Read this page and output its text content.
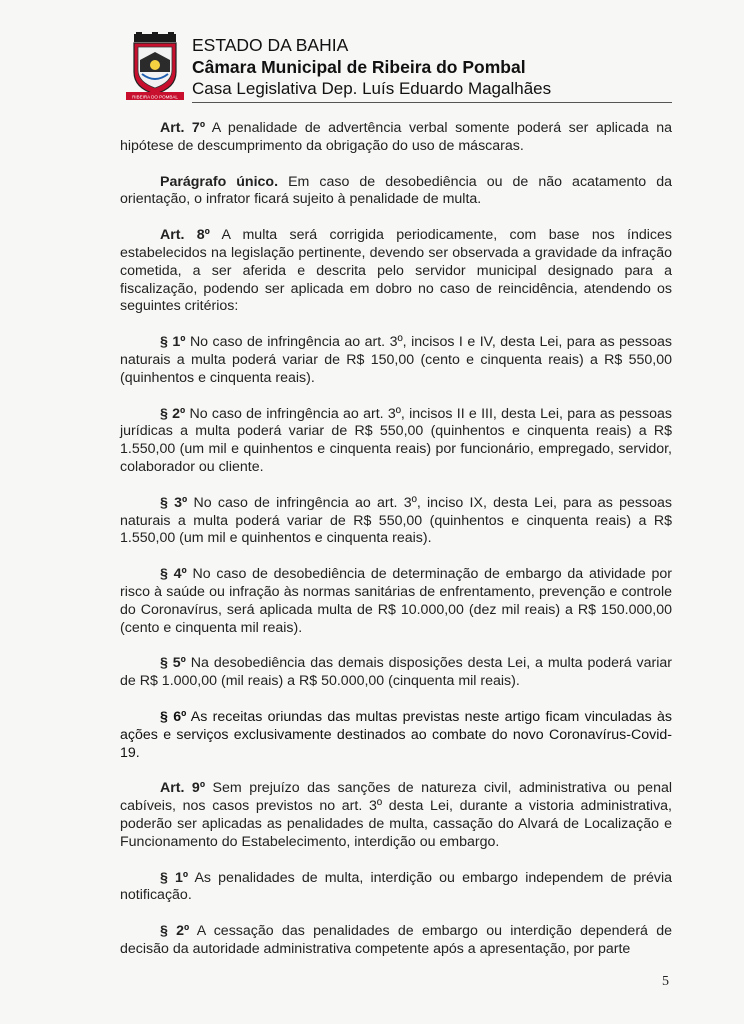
RIBEIRA DO POMBAL
ESTADO DA BAHIA
Câmara Municipal de Ribeira do Pombal
Casa Legislativa Dep. Luís Eduardo Magalhães

Art. 7º A penalidade de advertência verbal somente poderá ser aplicada na hipótese de descumprimento da obrigação do uso de máscaras.

Parágrafo único. Em caso de desobediência ou de não acatamento da orientação, o infrator ficará sujeito à penalidade de multa.

Art. 8º A multa será corrigida periodicamente, com base nos índices estabelecidos na legislação pertinente, devendo ser observada a gravidade da infração cometida, a ser aferida e descrita pelo servidor municipal designado para a fiscalização, podendo ser aplicada em dobro no caso de reincidência, atendendo os seguintes critérios:

§ 1º No caso de infringência ao art. 3º, incisos I e IV, desta Lei, para as pessoas naturais a multa poderá variar de R$ 150,00 (cento e cinquenta reais) a R$ 550,00 (quinhentos e cinquenta reais).

§ 2º No caso de infringência ao art. 3º, incisos II e III, desta Lei, para as pessoas jurídicas a multa poderá variar de R$ 550,00 (quinhentos e cinquenta reais) a R$ 1.550,00 (um mil e quinhentos e cinquenta reais) por funcionário, empregado, servidor, colaborador ou cliente.

§ 3º No caso de infringência ao art. 3º, inciso IX, desta Lei, para as pessoas naturais a multa poderá variar de R$ 550,00 (quinhentos e cinquenta reais) a R$ 1.550,00 (um mil e quinhentos e cinquenta reais).

§ 4º No caso de desobediência de determinação de embargo da atividade por risco à saúde ou infração às normas sanitárias de enfrentamento, prevenção e controle do Coronavírus, será aplicada multa de R$ 10.000,00 (dez mil reais) a R$ 150.000,00 (cento e cinquenta mil reais).

§ 5º Na desobediência das demais disposições desta Lei, a multa poderá variar de R$ 1.000,00 (mil reais) a R$ 50.000,00 (cinquenta mil reais).

§ 6º As receitas oriundas das multas previstas neste artigo ficam vinculadas às ações e serviços exclusivamente destinados ao combate do novo Coronavírus-Covid-19.

Art. 9º Sem prejuízo das sanções de natureza civil, administrativa ou penal cabíveis, nos casos previstos no art. 3º desta Lei, durante a vistoria administrativa, poderão ser aplicadas as penalidades de multa, cassação do Alvará de Localização e Funcionamento do Estabelecimento, interdição ou embargo.

§ 1º As penalidades de multa, interdição ou embargo independem de prévia notificação.

§ 2º A cessação das penalidades de embargo ou interdição dependerá de decisão da autoridade administrativa competente após a apresentação, por parte

5
